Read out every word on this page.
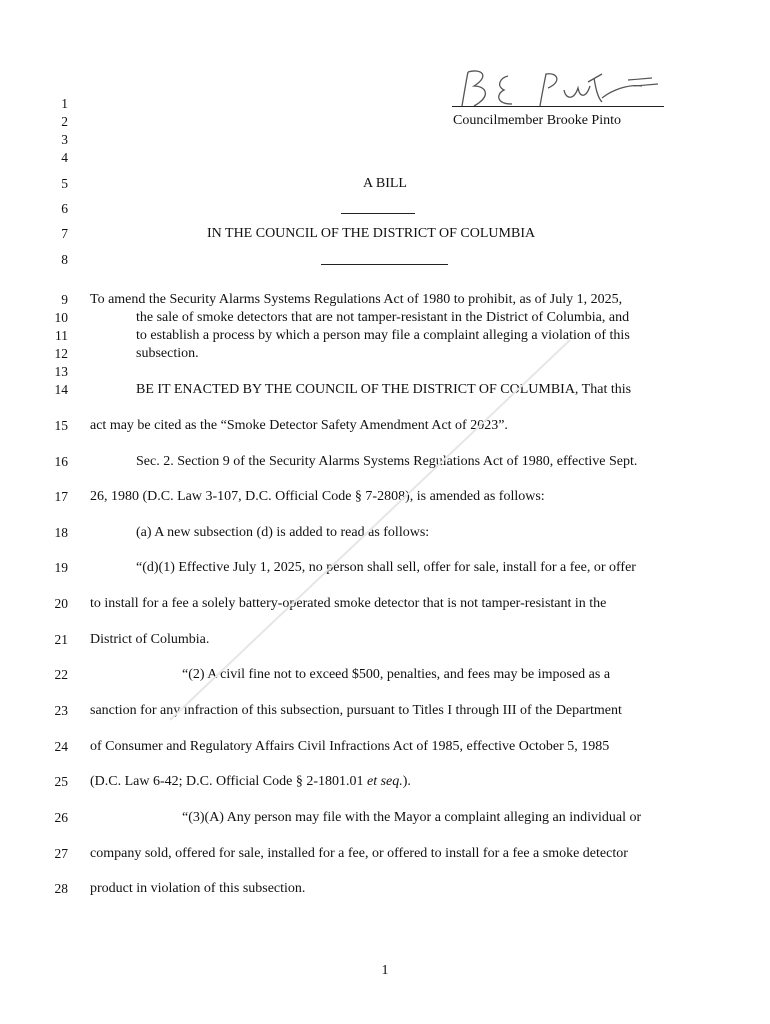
Councilmember Brooke Pinto
1
2
3
4
5
6
7
8
9
10
11
12
13
14
15
16
17
18
19
20
21
22
23
24
25
26
27
28
A BILL
IN THE COUNCIL OF THE DISTRICT OF COLUMBIA
To amend the Security Alarms Systems Regulations Act of 1980 to prohibit, as of July 1, 2025,
the sale of smoke detectors that are not tamper-resistant in the District of Columbia, and
to establish a process by which a person may file a complaint alleging a violation of this
subsection.
BE IT ENACTED BY THE COUNCIL OF THE DISTRICT OF COLUMBIA, That this
act may be cited as the “Smoke Detector Safety Amendment Act of 2023”.
Sec. 2. Section 9 of the Security Alarms Systems Regulations Act of 1980, effective Sept.
26, 1980 (D.C. Law 3-107, D.C. Official Code § 7-2808), is amended as follows:
(a) A new subsection (d) is added to read as follows:
“(d)(1) Effective July 1, 2025, no person shall sell, offer for sale, install for a fee, or offer
to install for a fee a solely battery-operated smoke detector that is not tamper-resistant in the
District of Columbia.
“(2) A civil fine not to exceed $500, penalties, and fees may be imposed as a
sanction for any infraction of this subsection, pursuant to Titles I through III of the Department
of Consumer and Regulatory Affairs Civil Infractions Act of 1985, effective October 5, 1985
(D.C. Law 6-42; D.C. Official Code § 2-1801.01 et seq.).
“(3)(A) Any person may file with the Mayor a complaint alleging an individual or
company sold, offered for sale, installed for a fee, or offered to install for a fee a smoke detector
product in violation of this subsection.
1
